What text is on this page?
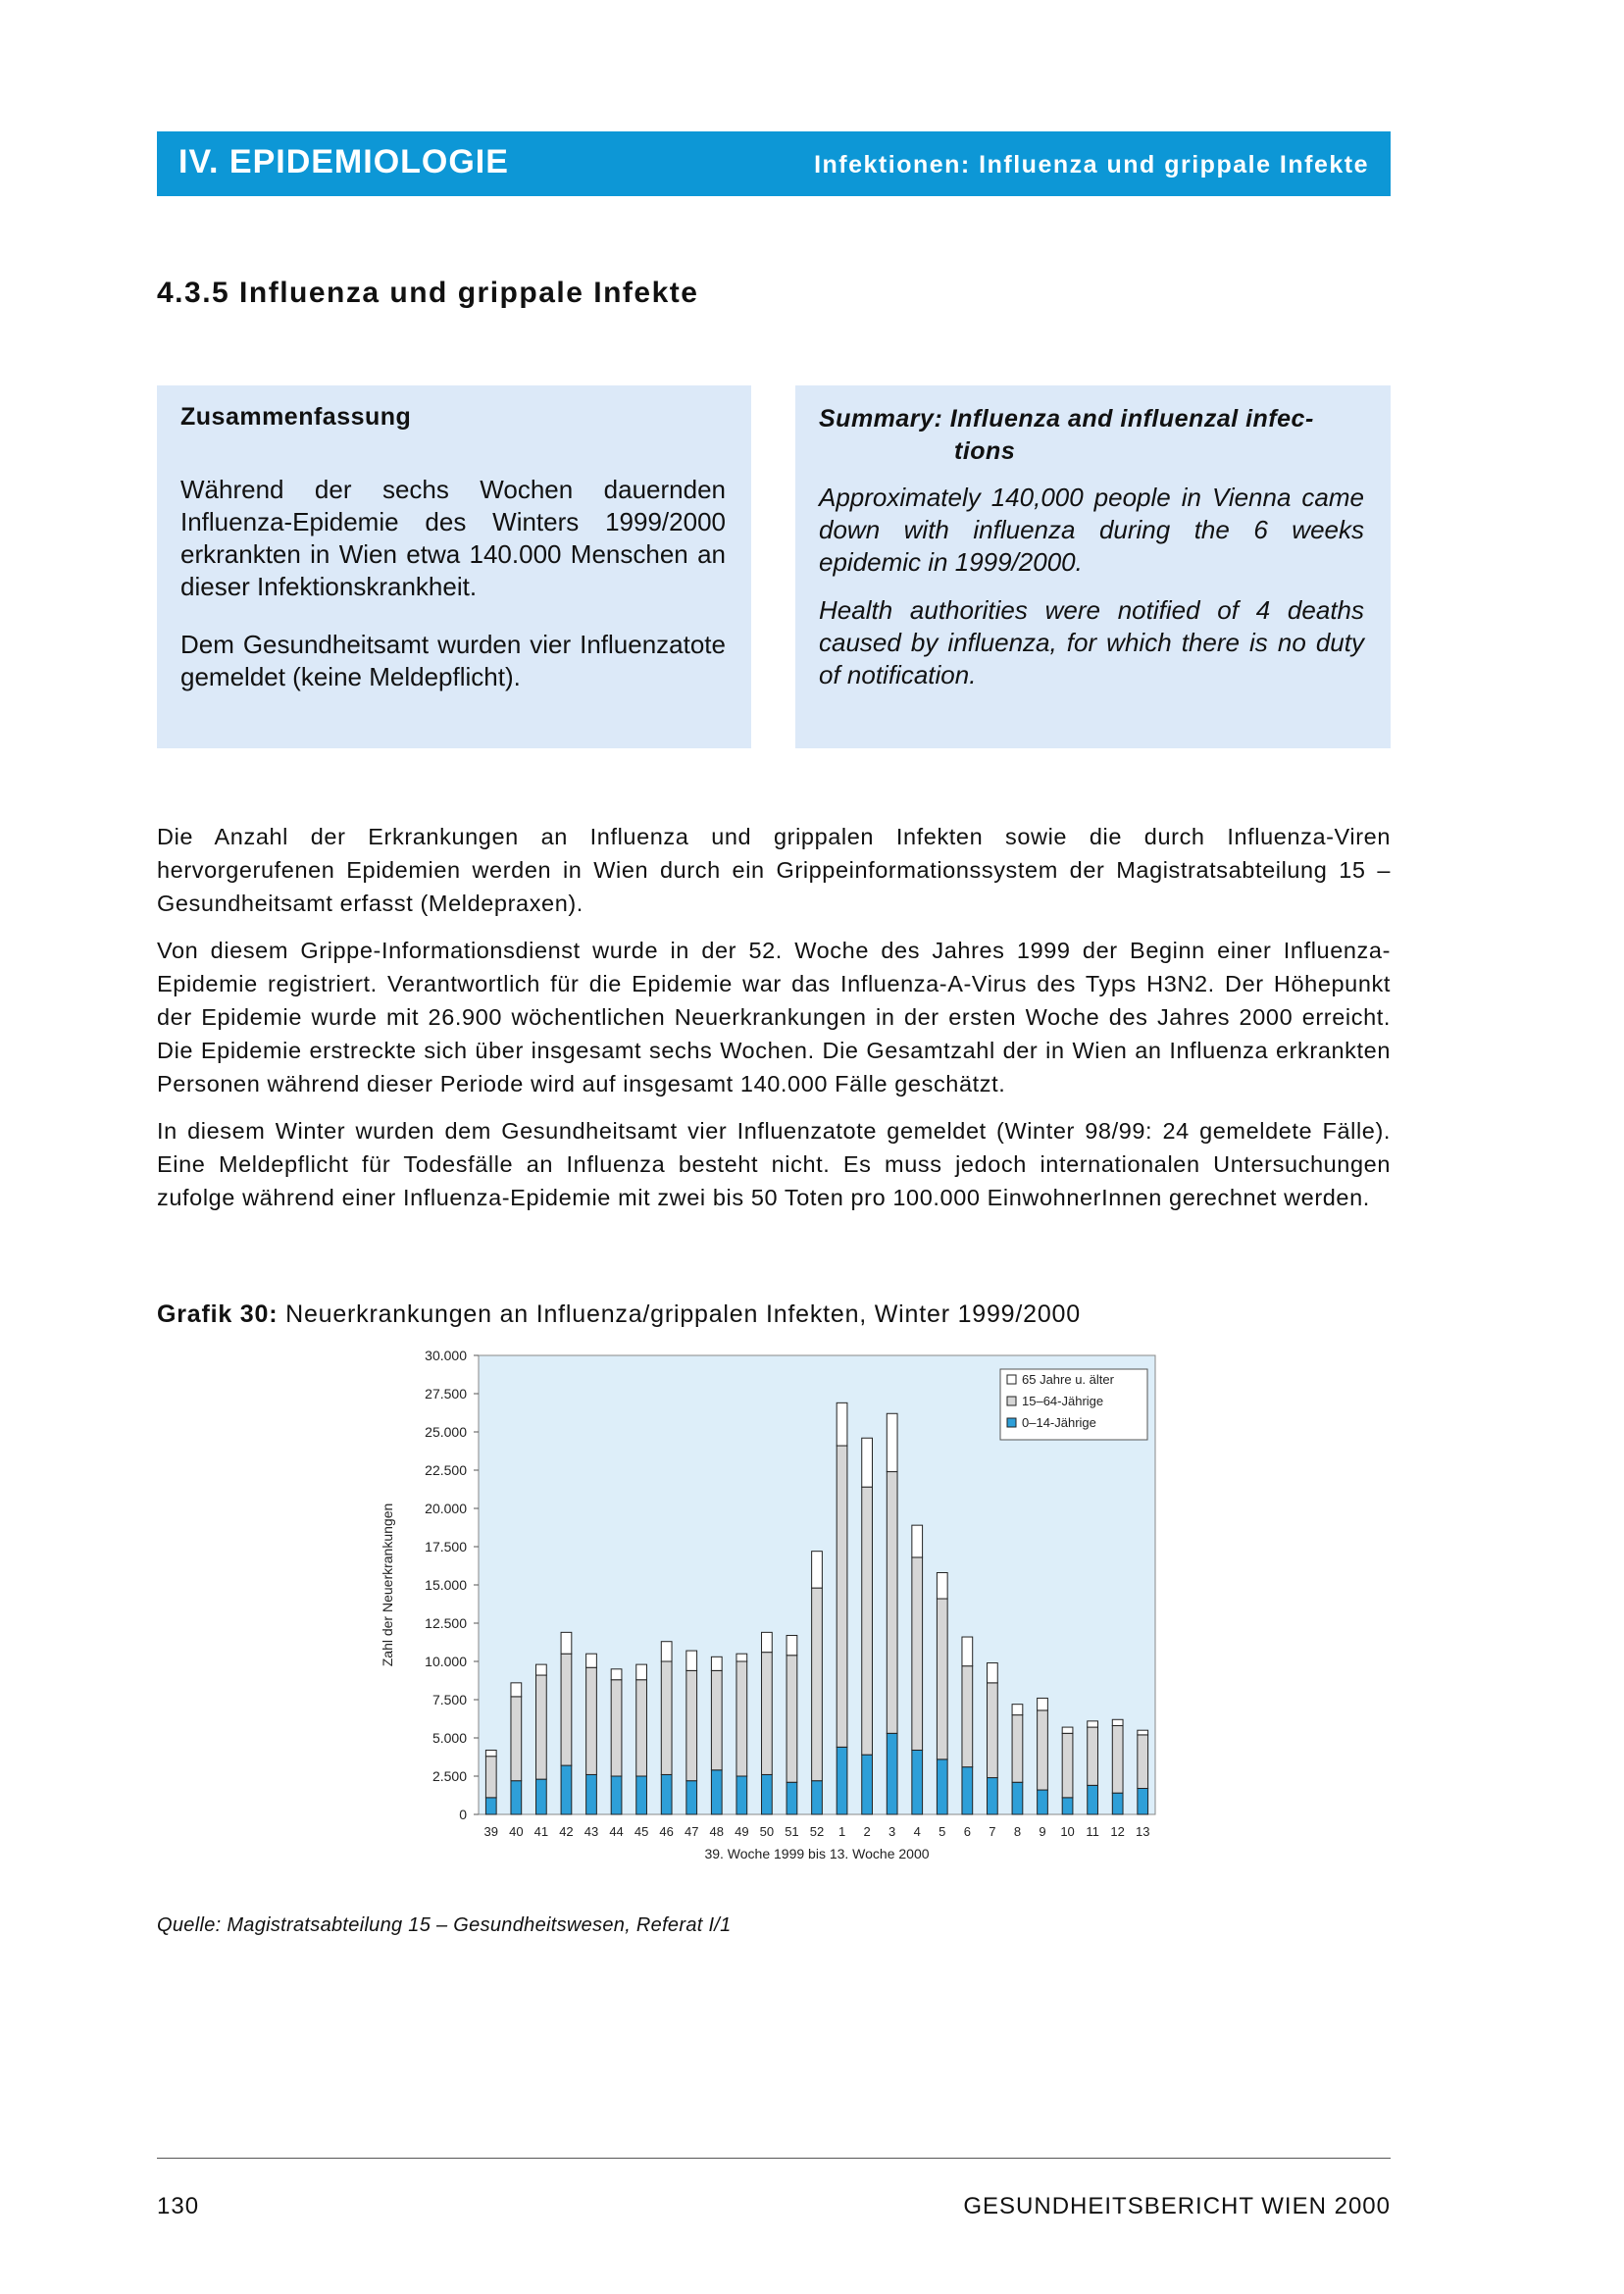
IV. EPIDEMIOLOGIE	Infektionen: Influenza und grippale Infekte
4.3.5 Influenza und grippale Infekte
Zusammenfassung
Während der sechs Wochen dauernden Influenza-Epidemie des Winters 1999/2000 erkrankten in Wien etwa 140.000 Menschen an dieser Infektionskrankheit.
Dem Gesundheitsamt wurden vier Influenzatote gemeldet (keine Meldepflicht).
Summary: Influenza and influenzal infec-
tions
Approximately 140,000 people in Vienna came down with influenza during the 6 weeks epidemic in 1999/2000.
Health authorities were notified of 4 deaths caused by influenza, for which there is no duty of notification.

Die Anzahl der Erkrankungen an Influenza und grippalen Infekten sowie die durch Influenza-Viren hervorgerufenen Epidemien werden in Wien durch ein Grippeinformationssystem der Magistratsabteilung 15 – Gesundheitsamt erfasst (Meldepraxen).

Von diesem Grippe-Informationsdienst wurde in der 52. Woche des Jahres 1999 der Beginn einer Influenza-Epidemie registriert. Verantwortlich für die Epidemie war das Influenza-A-Virus des Typs H3N2. Der Höhepunkt der Epidemie wurde mit 26.900 wöchentlichen Neuerkrankungen in der ersten Woche des Jahres 2000 erreicht. Die Epidemie erstreckte sich über insgesamt sechs Wochen. Die Gesamtzahl der in Wien an Influenza erkrankten Personen während dieser Periode wird auf insgesamt 140.000 Fälle geschätzt.

In diesem Winter wurden dem Gesundheitsamt vier Influenzatote gemeldet (Winter 98/99: 24 gemeldete Fälle). Eine Meldepflicht für Todesfälle an Influenza besteht nicht. Es muss jedoch internationalen Untersuchungen zufolge während einer Influenza-Epidemie mit zwei bis 50 Toten pro 100.000 EinwohnerInnen gerechnet werden.

Grafik 30: Neuerkrankungen an Influenza/grippalen Infekten, Winter 1999/2000
0
2.500
5.000
7.500
10.000
12.500
15.000
17.500
20.000
22.500
25.000
27.500
30.000
Zahl der Neuerkrankungen
39 40 41 42 43 44 45 46 47 48 49 50 51 52 1 2 3 4 5 6 7 8 9 10 11 12 13
39. Woche 1999 bis 13. Woche 2000
65 Jahre u. älter
15–64-Jährige
0–14-Jährige
Quelle: Magistratsabteilung 15 – Gesundheitswesen, Referat I/1
130	GESUNDHEITSBERICHT WIEN 2000
